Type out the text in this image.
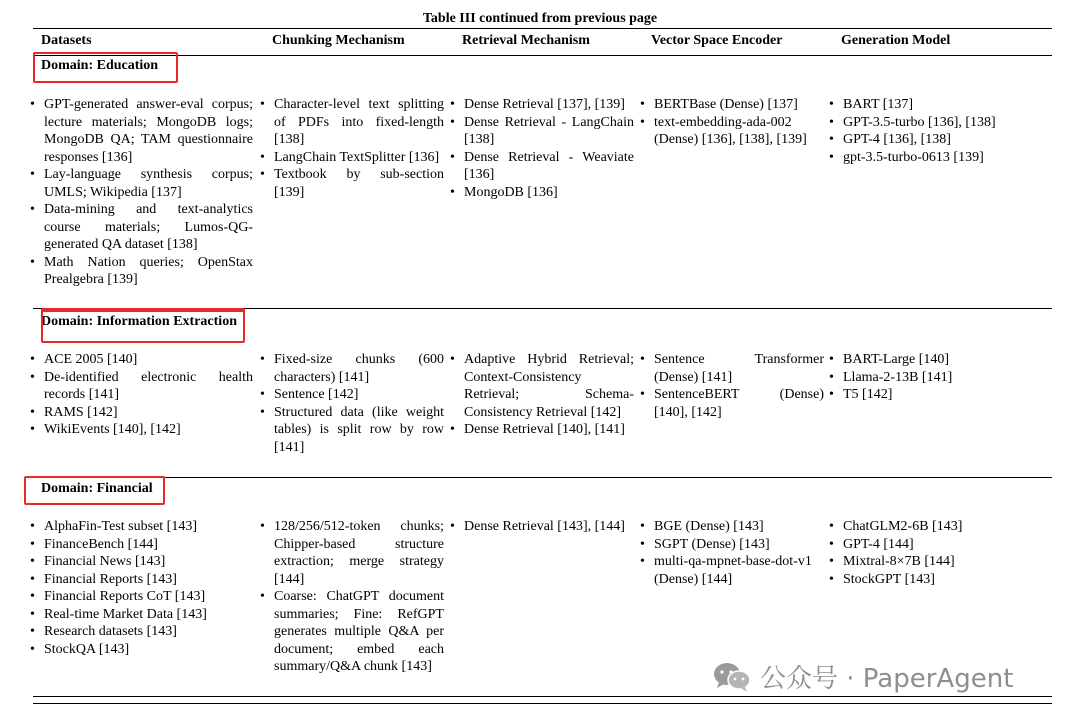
Table III continued from previous page
Datasets	Chunking Mechanism	Retrieval Mechanism	Vector Space Encoder	Generation Model
Domain: Education
• GPT-generated answer-eval corpus; lecture materials; MongoDB logs; MongoDB QA; TAM questionnaire responses [136]
• Lay-language synthesis corpus; UMLS; Wikipedia [137]
• Data-mining and text-analytics course materials; Lumos-QG-generated QA dataset [138]
• Math Nation queries; OpenStax Prealgebra [139]
• Character-level text splitting of PDFs into fixed-length [138]
• LangChain TextSplitter [136]
• Textbook by sub-section [139]
• Dense Retrieval [137], [139]
• Dense Retrieval - LangChain [138]
• Dense Retrieval - Weaviate [136]
• MongoDB [136]
• BERTBase (Dense) [137]
• text-embedding-ada-002 (Dense) [136], [138], [139]
• BART [137]
• GPT-3.5-turbo [136], [138]
• GPT-4 [136], [138]
• gpt-3.5-turbo-0613 [139]
Domain: Information Extraction
• ACE 2005 [140]
• De-identified electronic health records [141]
• RAMS [142]
• WikiEvents [140], [142]
• Fixed-size chunks (600 characters) [141]
• Sentence [142]
• Structured data (like weight tables) is split row by row [141]
• Adaptive Hybrid Retrieval; Context-Consistency Retrieval; Schema-Consistency Retrieval [142]
• Dense Retrieval [140], [141]
• Sentence Transformer (Dense) [141]
• SentenceBERT (Dense) [140], [142]
• BART-Large [140]
• Llama-2-13B [141]
• T5 [142]
Domain: Financial
• AlphaFin-Test subset [143]
• FinanceBench [144]
• Financial News [143]
• Financial Reports [143]
• Financial Reports CoT [143]
• Real-time Market Data [143]
• Research datasets [143]
• StockQA [143]
• 128/256/512-token chunks; Chipper-based structure extraction; merge strategy [144]
• Coarse: ChatGPT document summaries; Fine: RefGPT generates multiple Q&A per document; embed each summary/Q&A chunk [143]
• Dense Retrieval [143], [144]
•	BGE (Dense) [143]
• SGPT (Dense) [143]
• multi-qa-mpnet-base-dot-v1 (Dense) [144]
• ChatGLM2-6B [143]
• GPT-4 [144]
• Mixtral-8×7B [144]
• StockGPT [143]
公众号 · PaperAgent
